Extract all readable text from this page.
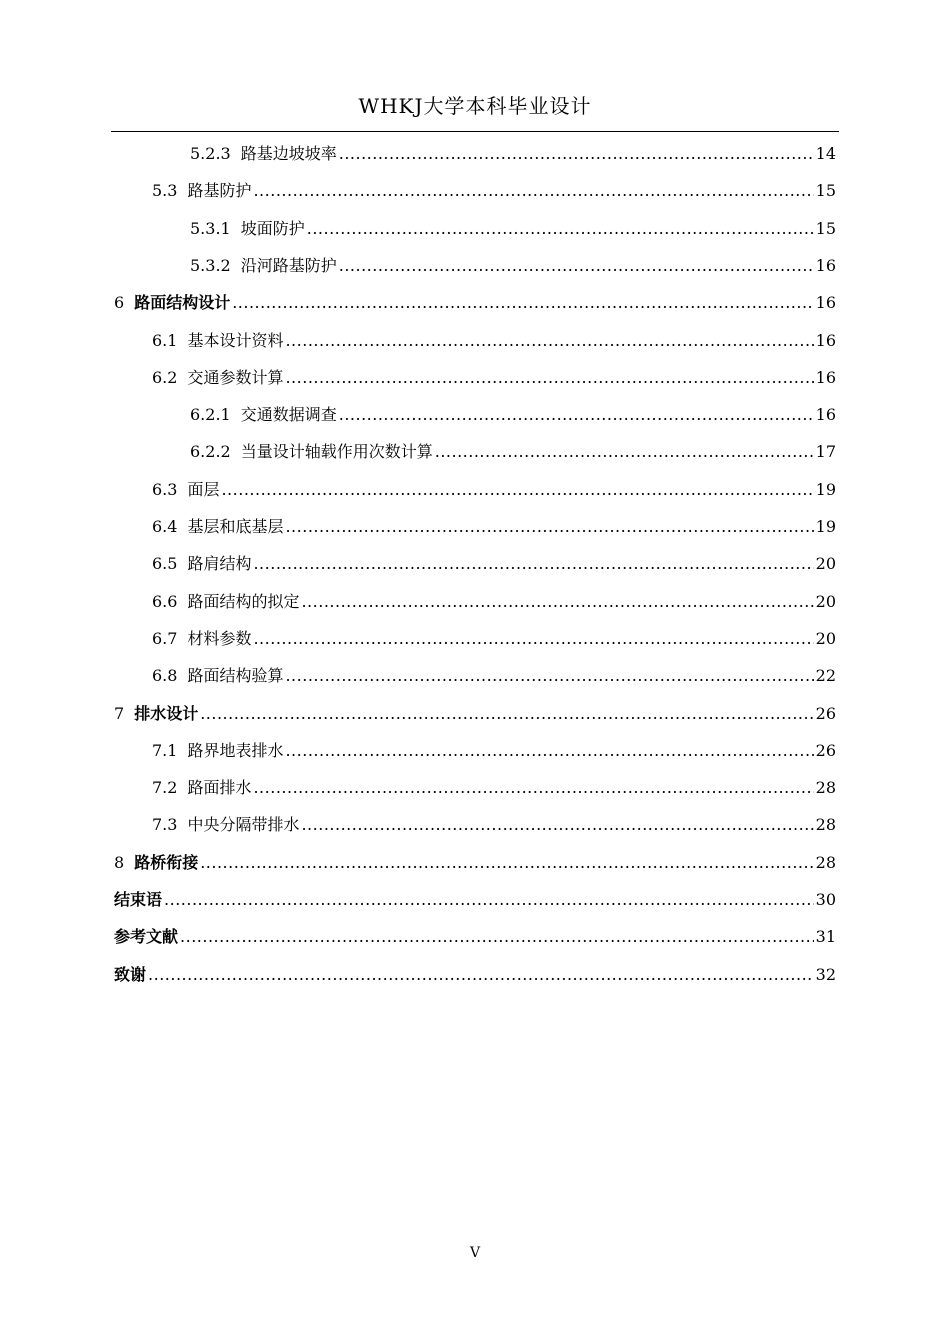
WHKJ大学本科毕业设计
5.2.3 路基边坡坡率 .....	14
5.3 路基防护 .....	15
5.3.1 坡面防护 .....	15
5.3.2 沿河路基防护 .....	16
6 路面结构设计 .....	16
6.1 基本设计资料 .....	16
6.2 交通参数计算 .....	16
6.2.1 交通数据调查 .....	16
6.2.2 当量设计轴载作用次数计算 .....	17
6.3 面层 .....	19
6.4 基层和底基层 .....	19
6.5 路肩结构 .....	20
6.6 路面结构的拟定 .....	20
6.7 材料参数 .....	20
6.8 路面结构验算 .....	22
7 排水设计 .....	26
7.1 路界地表排水 .....	26
7.2 路面排水 .....	28
7.3 中央分隔带排水 .....	28
8 路桥衔接 .....	28
结束语 .....	30
参考文献 .....	31
致谢 .....	32
V
